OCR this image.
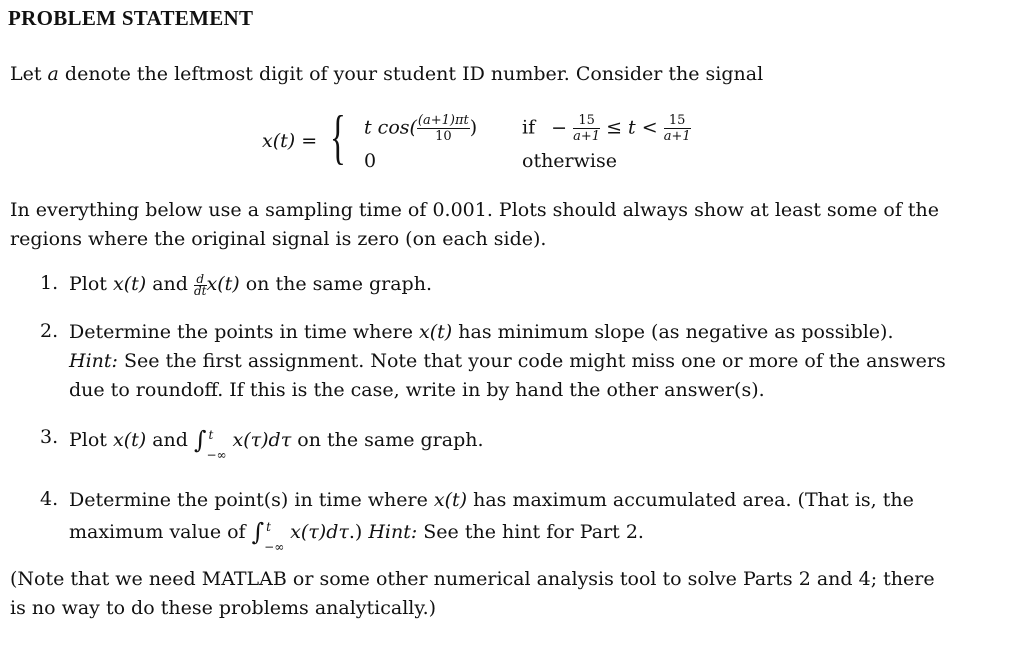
PROBLEM STATEMENT
Let a denote the leftmost digit of your student ID number. Consider the signal
x(t) = { t $\cos( \frac{(a+1)\pi t}{10}$ ) if − $\frac{15}{a+1} \le t < \frac{15}{a+1}$
0	otherwise
In everything below use a sampling time of 0.001. Plots should always show at least some of the
regions where the original signal is zero (on each side).
1. Plot x(t) and $\frac{d}{dt}x(t)$ on the same graph.
2. Determine the points in time where x(t) has minimum slope (as negative as possible).
Hint: See the first assignment. Note that your code might miss one or more of the answers
due to roundoff. If this is the case, write in by hand the other answer(s).
3. Plot x(t) and ∫ t
−∞
x(τ)dτ on the same graph.
4. Determine the point(s) in time where x(t) has maximum accumulated area. (That is, the
maximum value of ∫ t
−∞
x(τ)dτ.) Hint: See the hint for Part 2.
(Note that we need MATLAB or some other numerical analysis tool to solve Parts 2 and 4; there
is no way to do these problems analytically.)
